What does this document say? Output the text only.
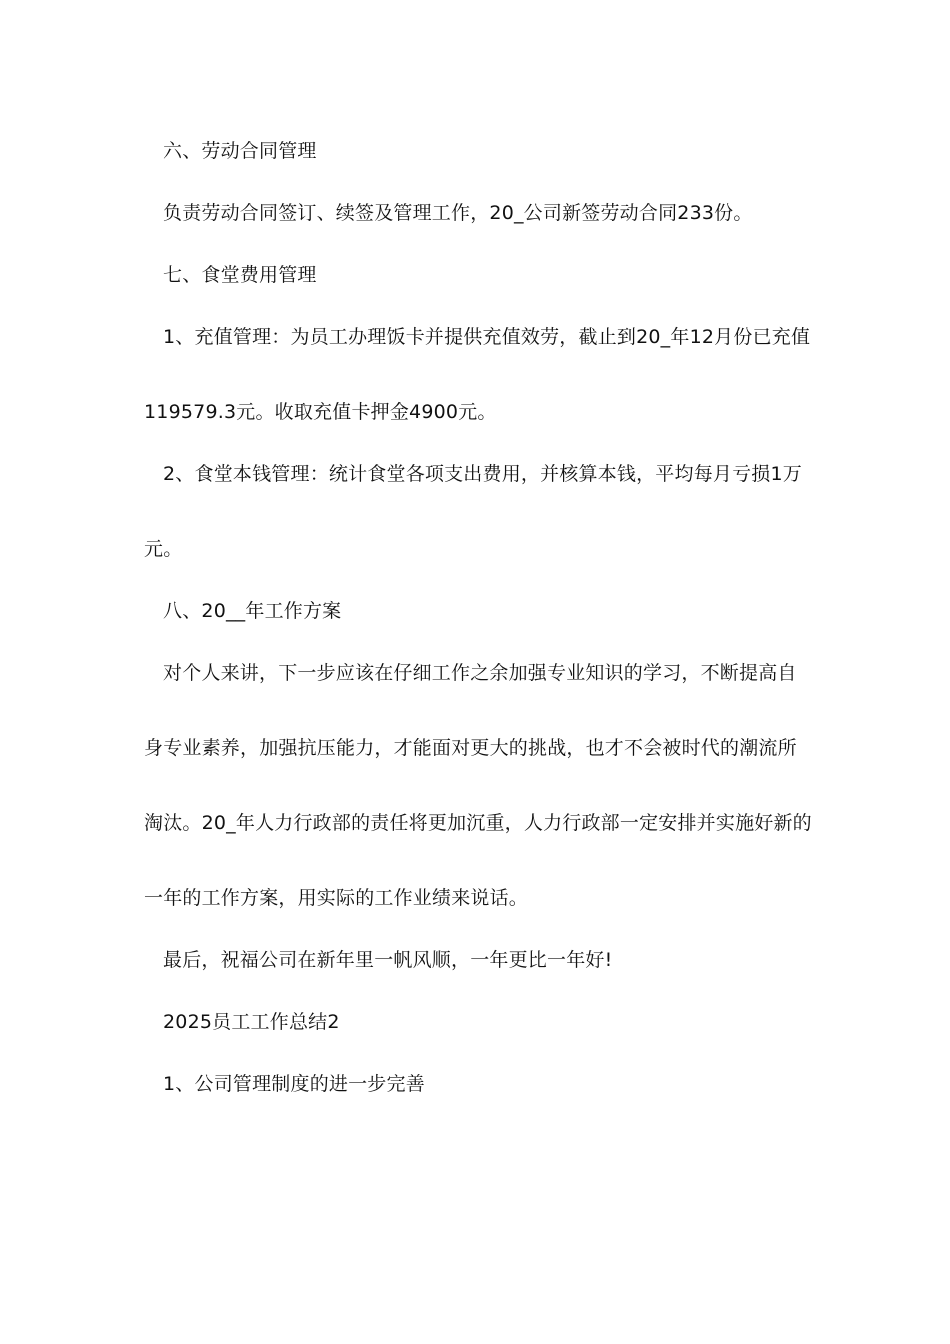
六、劳动合同管理
负责劳动合同签订、续签及管理工作，20_公司新签劳动合同233份。
七、食堂费用管理
1、充值管理：为员工办理饭卡并提供充值效劳，截止到20_年12月份已充值
119579.3元。收取充值卡押金4900元。
2、食堂本钱管理：统计食堂各项支出费用，并核算本钱，平均每月亏损1万
元。
八、20__年工作方案
对个人来讲，下一步应该在仔细工作之余加强专业知识的学习，不断提高自
身专业素养，加强抗压能力，才能面对更大的挑战，也才不会被时代的潮流所
淘汰。20_年人力行政部的责任将更加沉重，人力行政部一定安排并实施好新的
一年的工作方案，用实际的工作业绩来说话。
最后，祝福公司在新年里一帆风顺，一年更比一年好!
2025员工工作总结2
1、公司管理制度的进一步完善
